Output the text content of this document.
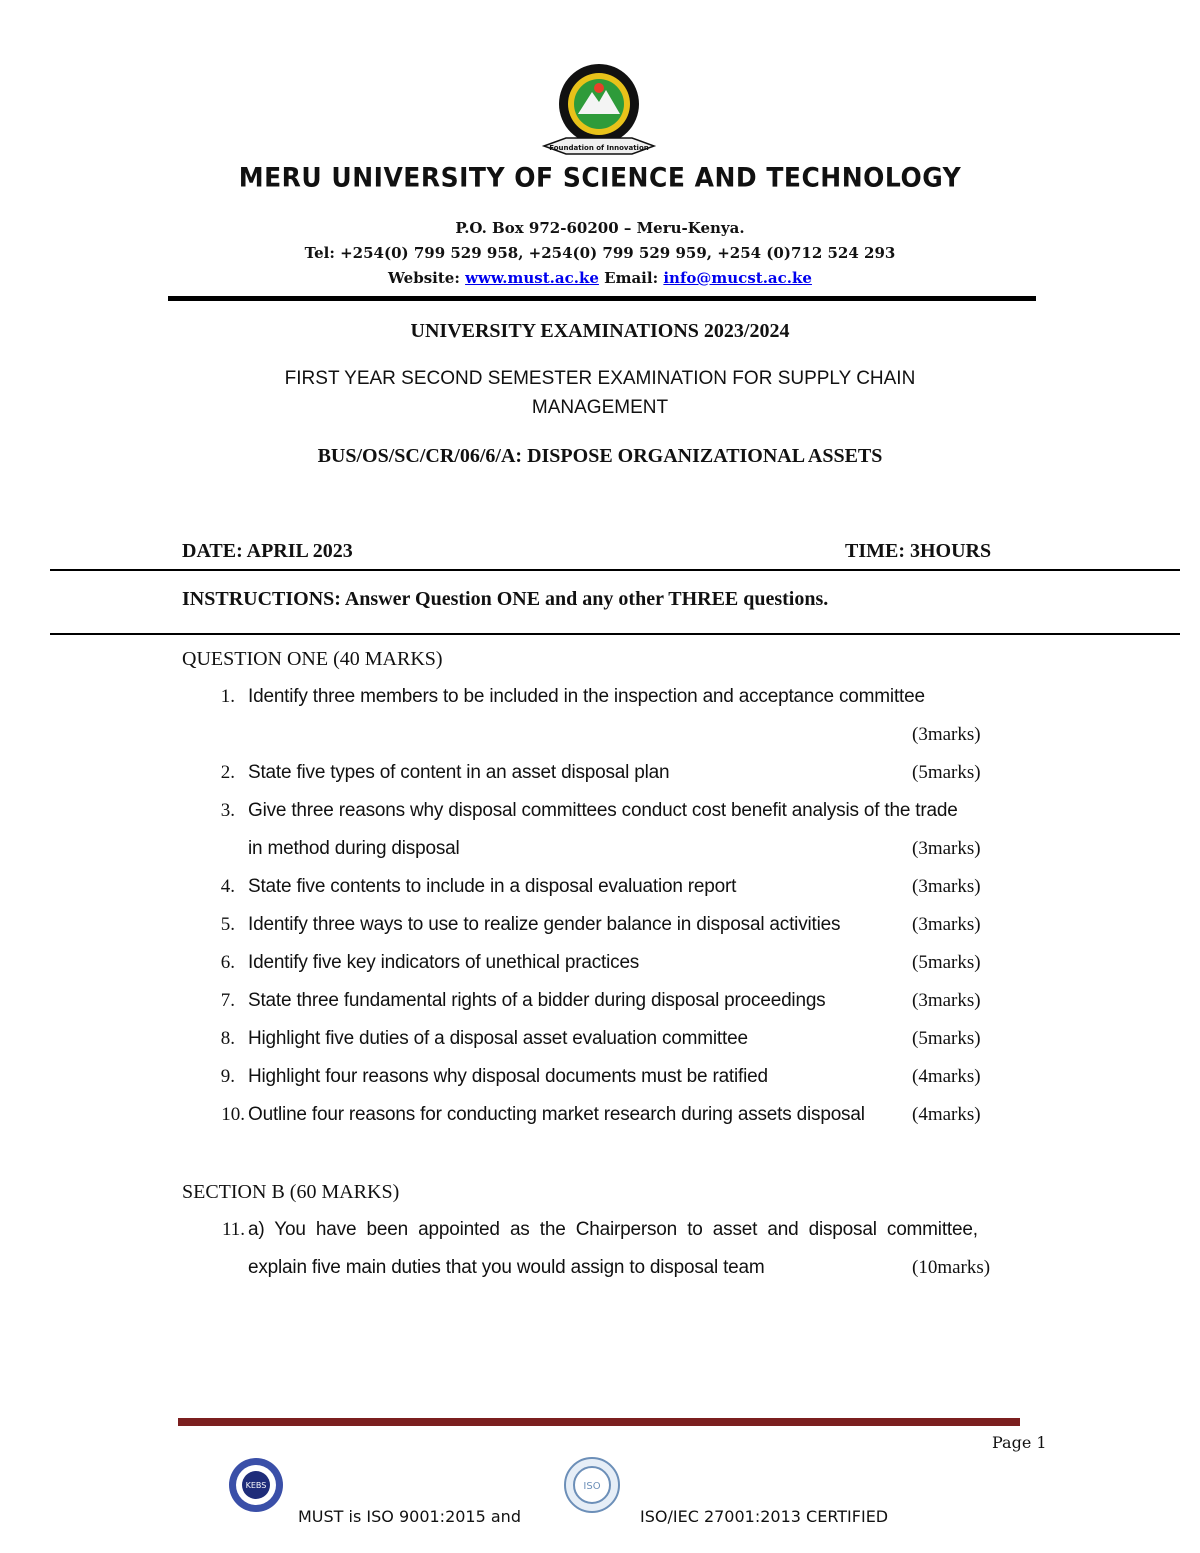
Foundation of Innovation
MERU UNIVERSITY OF SCIENCE AND TECHNOLOGY
P.O. Box 972-60200 – Meru-Kenya.
Tel: +254(0) 799 529 958, +254(0) 799 529 959, +254 (0)712 524 293
Website: www.must.ac.ke Email: info@mucst.ac.ke
UNIVERSITY EXAMINATIONS 2023/2024
FIRST YEAR SECOND SEMESTER EXAMINATION FOR SUPPLY CHAIN
MANAGEMENT
BUS/OS/SC/CR/06/6/A: DISPOSE ORGANIZATIONAL ASSETS
DATE: APRIL 2023	TIME: 3HOURS
INSTRUCTIONS: Answer Question ONE and any other THREE questions.
QUESTION ONE (40 MARKS)
1. Identify three members to be included in the inspection and acceptance committee
(3marks)
2. State five types of content in an asset disposal plan	(5marks)
3. Give three reasons why disposal committees conduct cost benefit analysis of the trade
in method during disposal	(3marks)
4. State five contents to include in a disposal evaluation report	(3marks)
5. Identify three ways to use to realize gender balance in disposal activities	(3marks)
6. Identify five key indicators of unethical practices	(5marks)
7. State three fundamental rights of a bidder during disposal proceedings	(3marks)
8. Highlight five duties of a disposal asset evaluation committee	(5marks)
9. Highlight four reasons why disposal documents must be ratified	(4marks)
10. Outline four reasons for conducting market research during assets disposal (4marks)
SECTION B (60 MARKS)
11. a)  You  have  been  appointed  as  the  Chairperson  to  asset  and  disposal  committee,
explain five main duties that you would assign to disposal team	(10marks)
Page 1
KEBS	ISO
MUST is ISO 9001:2015 and	ISO/IEC 27001:2013 CERTIFIED
